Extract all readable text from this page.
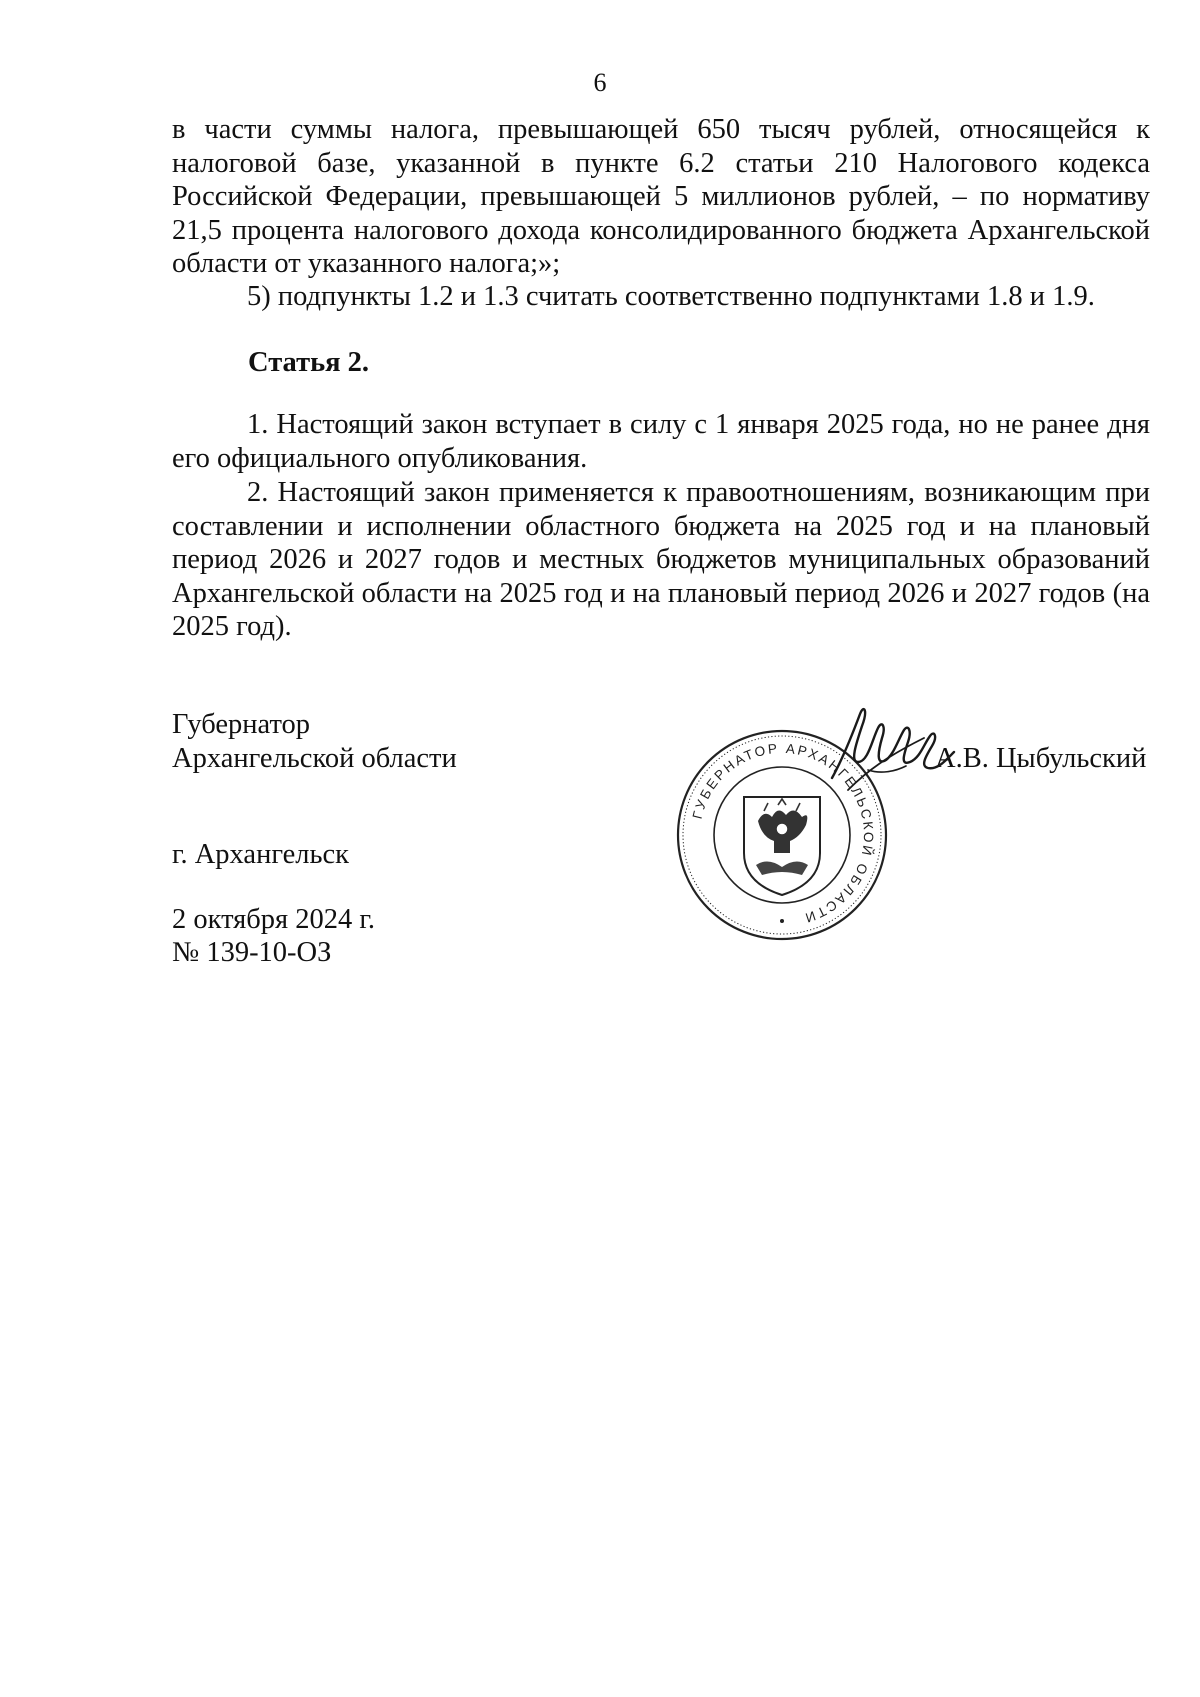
6

в части суммы налога, превышающей 650 тысяч рублей, относящейся к налоговой базе, указанной в пункте 6.2 статьи 210 Налогового кодекса Российской Федерации, превышающей 5 миллионов рублей, – по нормативу 21,5 процента налогового дохода консолидированного бюджета Архангельской области от указанного налога;»;

5) подпункты 1.2 и 1.3 считать соответственно подпунктами 1.8 и 1.9.

Статья 2.

1. Настоящий закон вступает в силу с 1 января 2025 года, но не ранее дня его официального опубликования.

2. Настоящий закон применяется к правоотношениям, возникающим при составлении и исполнении областного бюджета на 2025 год и на плановый период 2026 и 2027 годов и местных бюджетов муниципальных образований Архангельской области на 2025 год и на плановый период 2026 и 2027 годов (на 2025 год).

Губернатор

Архангельской области	А.В. Цыбульский

г. Архангельск

2 октября 2024 г.

№ 139-10-ОЗ

ГУБЕРНАТОР АРХАНГЕЛЬСКОЙ ОБЛАСТИ
